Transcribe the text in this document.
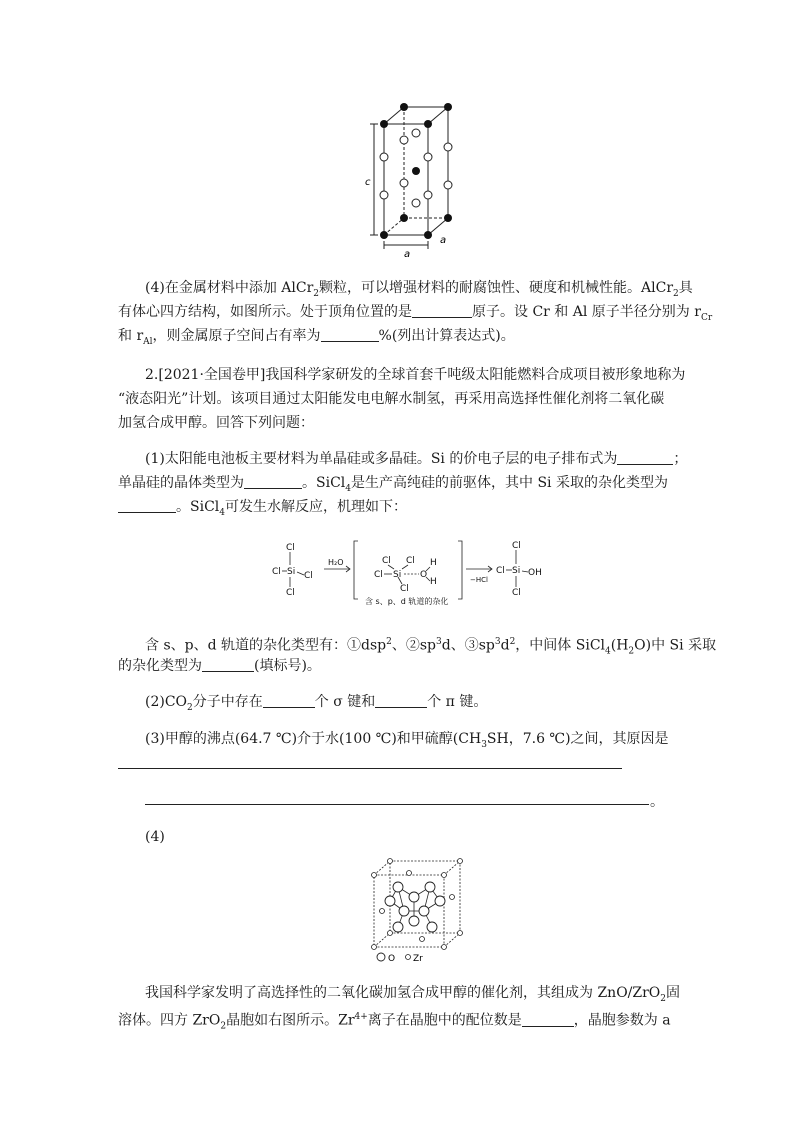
c
a
a
(4)在金属材料中添加 AlCr$_2$颗粒，可以增强材料的耐腐蚀性、硬度和机械性能。AlCr$_2$具
有体心四方结构，如图所示。处于顶角位置的是	原子。设 Cr 和 Al 原子半径分别为 $r_{Cr}$
和 $r_{Al}$，则金属原子空间占有率为	%(列出计算表达式)。
2.[2021·全国卷甲]我国科学家研发的全球首套千吨级太阳能燃料合成项目被形象地称为
“液态阳光”计划。该项目通过太阳能发电电解水制氢，再采用高选择性催化剂将二氧化碳
加氢合成甲醇。回答下列问题：
(1)太阳能电池板主要材料为单晶硅或多晶硅。Si 的价电子层的电子排布式为	；
单晶硅的晶体类型为	。SiCl$_4$是生产高纯硅的前驱体，其中 Si 采取的杂化类型为
。SiCl$_4$可发生水解反应，机理如下：
Cl
Cl Si Cl
Cl
Cl Cl
Cl Si O
H
H
Cl
含 s、p、d 轨道的杂化
Cl
Cl Si OH
Cl
H₂O
−HCl
含 s、p、d 轨道的杂化类型有：①dsp$^2$、$②sp^3d$、$③sp^3d^2$，中间体 $SiCl_4(H_2O)$中 Si 采取
的杂化类型为	(填标号)。
$(2)CO_2$分子中存在	个 σ 键和	个 π 键。
(3)甲醇的沸点(64.7 ℃)介于水(100 ℃)和甲硫醇($CH_3SH$，7.6 ℃)之间，其原因是
。
(4)
O Zr
我国科学家发明了高选择性的二氧化碳加氢合成甲醇的催化剂，其组成为 ZnO/ZrO$_2$固
溶体。四方 ZrO$_2$晶胞如右图所示。$Zr^{4+}$离子在晶胞中的配位数是	，晶胞参数为 a
